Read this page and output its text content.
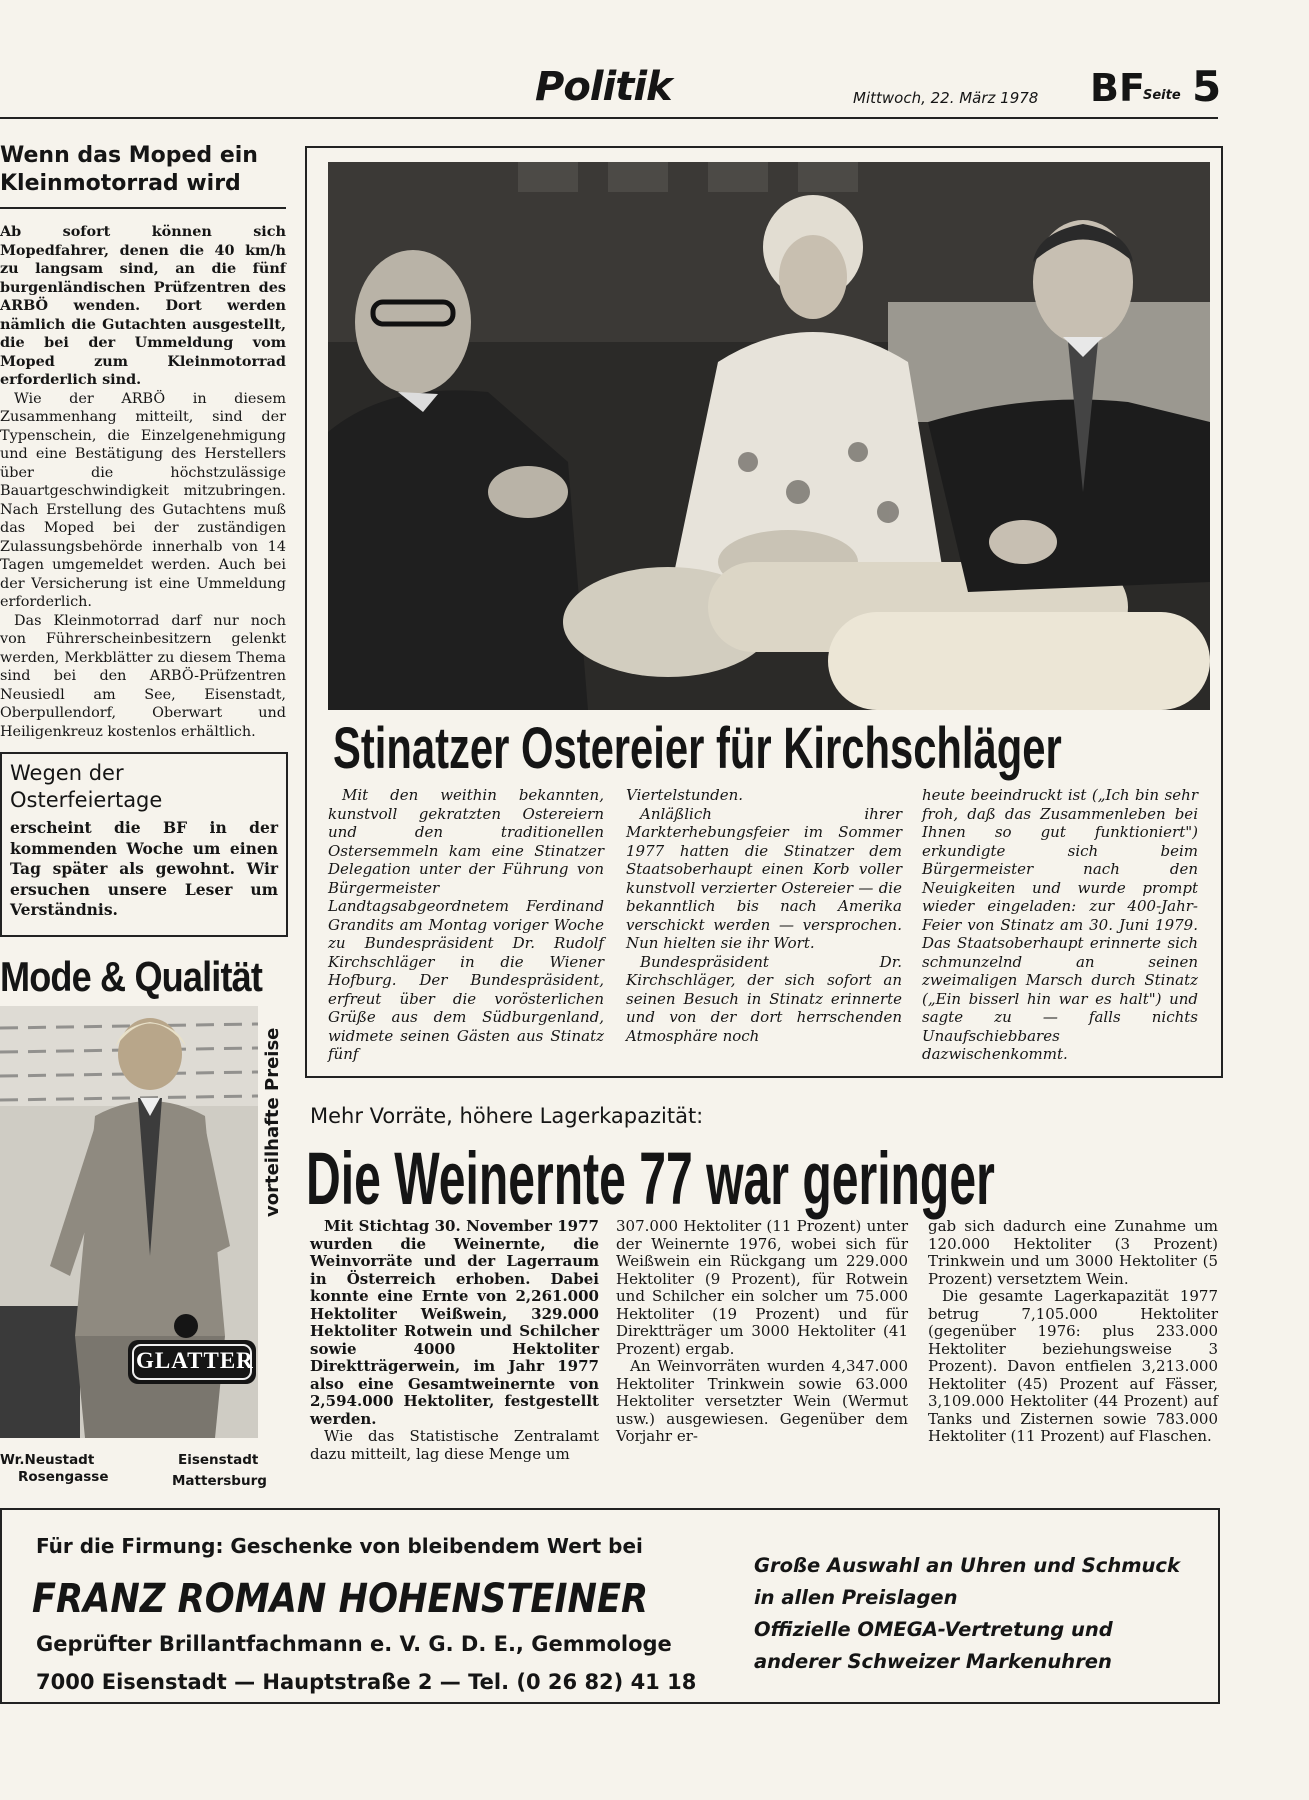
Politik	Mittwoch, 22. März 1978 BF
Seite 5
Wenn das Moped ein
Kleinmotorrad wird

Ab sofort können sich Mopedfahrer, denen die 40 km/h zu langsam sind, an die fünf burgenländischen Prüfzentren des ARBÖ wenden. Dort werden nämlich die Gutachten ausgestellt, die bei der Ummeldung vom Moped zum Kleinmotorrad erforderlich sind.

Wie der ARBÖ in diesem Zusammenhang mitteilt, sind der Typenschein, die Einzelgenehmigung und eine Bestätigung des Herstellers über die höchstzulässige Bauartgeschwindigkeit mitzubringen. Nach Erstellung des Gutachtens muß das Moped bei der zuständigen Zulassungsbehörde innerhalb von 14 Tagen umgemeldet werden. Auch bei der Versicherung ist eine Ummeldung erforderlich.

Das Kleinmotorrad darf nur noch von Führerscheinbesitzern gelenkt werden, Merkblätter zu diesem Thema sind bei den ARBÖ-Prüfzentren Neusiedl am See, Eisenstadt, Oberpullendorf, Oberwart und Heiligenkreuz kostenlos erhältlich.

Wegen der
Osterfeiertage

erscheint die BF in der kommenden Woche um einen Tag später als gewohnt. Wir ersuchen unsere Leser um Verständnis.

Mode & Qualität
GLATTER
vorteilhafte Preise
Wr.Neustadt
Rosengasse
Eisenstadt
Mattersburg
Stinatzer Ostereier für Kirchschläger

Mit den weithin bekannten, kunstvoll gekratzten Ostereiern und den traditionellen Ostersemmeln kam eine Stinatzer Delegation unter der Führung von Bürgermeister Landtagsabgeordnetem Ferdinand Grandits am Montag voriger Woche zu Bundespräsident Dr. Rudolf Kirchschläger in die Wiener Hofburg. Der Bundespräsident, erfreut über die vorösterlichen Grüße aus dem Südburgenland, widmete seinen Gästen aus Stinatz fünf

Viertelstunden.

Anläßlich ihrer Markterhebungsfeier im Sommer 1977 hatten die Stinatzer dem Staatsoberhaupt einen Korb voller kunstvoll verzierter Ostereier — die bekanntlich bis nach Amerika verschickt werden — versprochen. Nun hielten sie ihr Wort.

Bundespräsident Dr. Kirchschläger, der sich sofort an seinen Besuch in Stinatz erinnerte und von der dort herrschenden Atmosphäre noch

heute beeindruckt ist („Ich bin sehr froh, daß das Zusammenleben bei Ihnen so gut funktioniert") erkundigte sich beim Bürgermeister nach den Neuigkeiten und wurde prompt wieder eingeladen: zur 400-Jahr-Feier von Stinatz am 30. Juni 1979. Das Staatsoberhaupt erinnerte sich schmunzelnd an seinen zweimaligen Marsch durch Stinatz („Ein bisserl hin war es halt") und sagte zu — falls nichts Unaufschiebbares dazwischenkommt.

Mehr Vorräte, höhere Lagerkapazität:
Die Weinernte 77 war geringer

Mit Stichtag 30. November 1977 wurden die Weinernte, die Weinvorräte und der Lagerraum in Österreich erhoben. Dabei konnte eine Ernte von 2,261.000 Hektoliter Weißwein, 329.000 Hektoliter Rotwein und Schilcher sowie 4000 Hektoliter Direktträgerwein, im Jahr 1977 also eine Gesamtweinernte von 2,594.000 Hektoliter, festgestellt werden.

Wie das Statistische Zentralamt dazu mitteilt, lag diese Menge um

307.000 Hektoliter (11 Prozent) unter der Weinernte 1976, wobei sich für Weißwein ein Rückgang um 229.000 Hektoliter (9 Prozent), für Rotwein und Schilcher ein solcher um 75.000 Hektoliter (19 Prozent) und für Direktträger um 3000 Hektoliter (41 Prozent) ergab.

An Weinvorräten wurden 4,347.000 Hektoliter Trinkwein sowie 63.000 Hektoliter versetzter Wein (Wermut usw.) ausgewiesen. Gegenüber dem Vorjahr er-

gab sich dadurch eine Zunahme um 120.000 Hektoliter (3 Prozent) Trinkwein und um 3000 Hektoliter (5 Prozent) versetztem Wein.

Die gesamte Lagerkapazität 1977 betrug 7,105.000 Hektoliter (gegenüber 1976: plus 233.000 Hektoliter beziehungsweise 3 Prozent). Davon entfielen 3,213.000 Hektoliter (45) Prozent auf Fässer, 3,109.000 Hektoliter (44 Prozent) auf Tanks und Zisternen sowie 783.000 Hektoliter (11 Prozent) auf Flaschen.

Für die Firmung: Geschenke von bleibendem Wert bei
FRANZ ROMAN HOHENSTEINER
Geprüfter Brillantfachmann e. V. G. D. E., Gemmologe
7000 Eisenstadt — Hauptstraße 2 — Tel. (0 26 82) 41 18
Große Auswahl an Uhren und Schmuck
in allen Preislagen
Offizielle OMEGA-Vertretung und
anderer Schweizer Markenuhren
